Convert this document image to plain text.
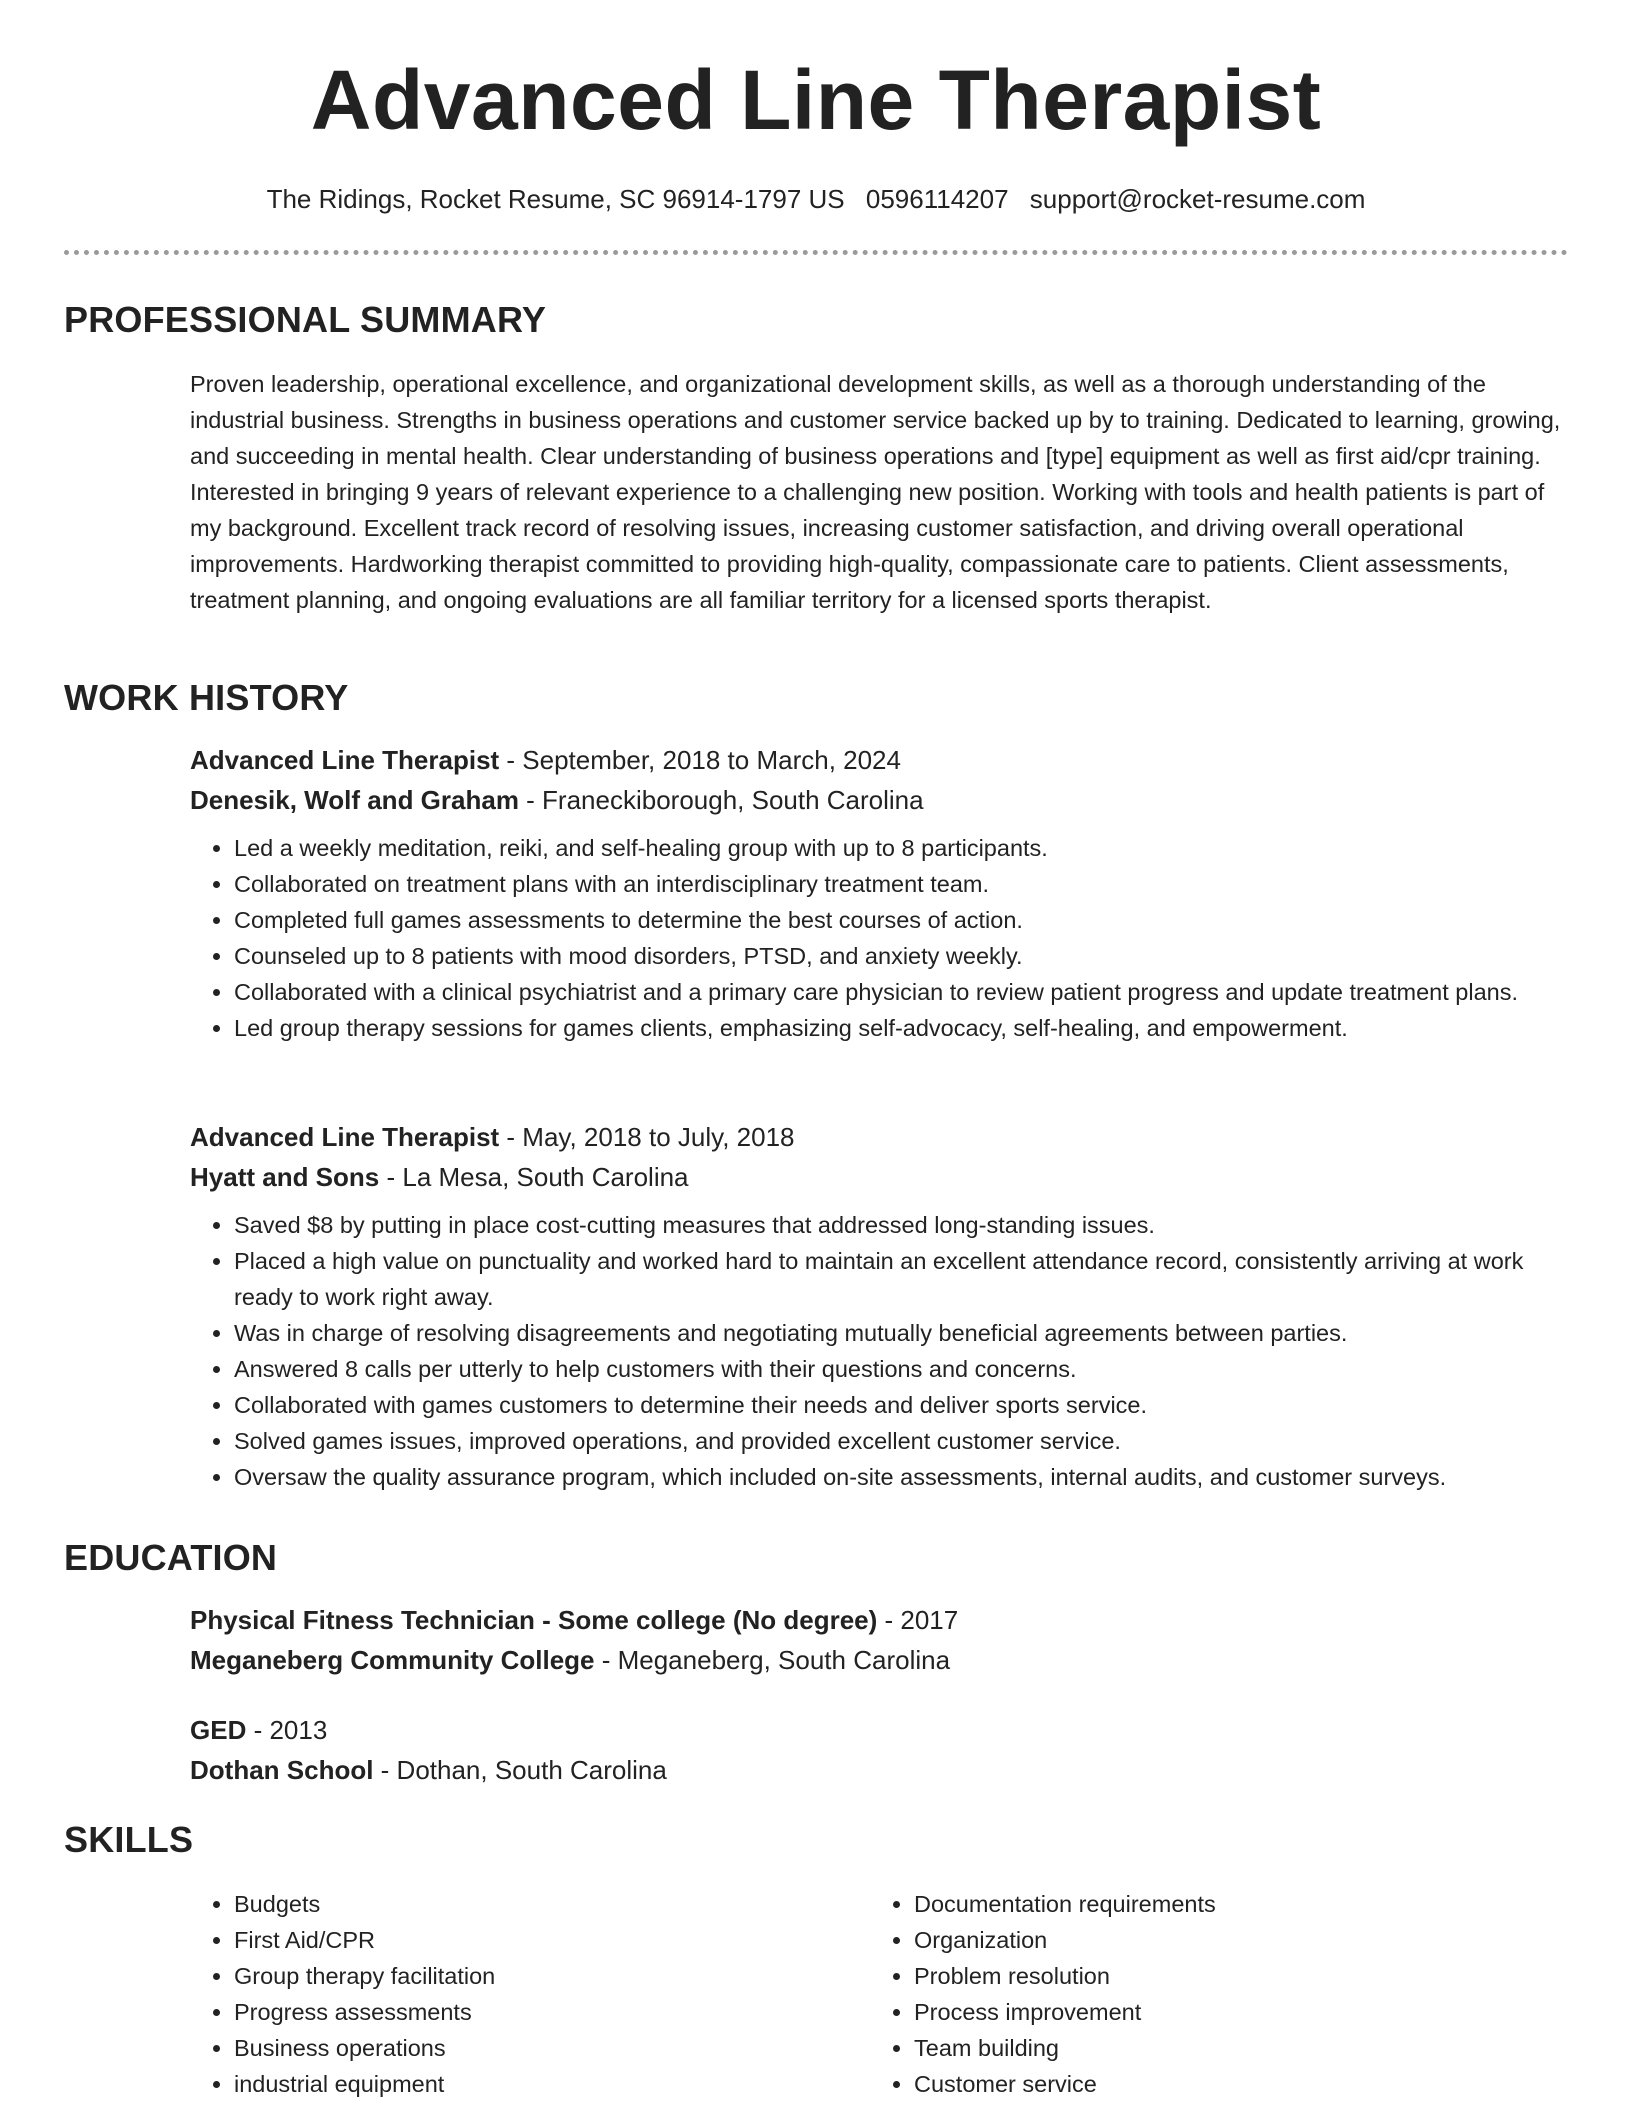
Advanced Line Therapist
The Ridings, Rocket Resume, SC 96914-1797 US 0596114207 support@rocket-resume.com
PROFESSIONAL SUMMARY

Proven leadership, operational excellence, and organizational development skills, as well as a thorough understanding of the industrial business. Strengths in business operations and customer service backed up by to training. Dedicated to learning, growing, and succeeding in mental health. Clear understanding of business operations and [type] equipment as well as first aid/cpr training. Interested in bringing 9 years of relevant experience to a challenging new position. Working with tools and health patients is part of my background. Excellent track record of resolving issues, increasing customer satisfaction, and driving overall operational improvements. Hardworking therapist committed to providing high-quality, compassionate care to patients. Client assessments, treatment planning, and ongoing evaluations are all familiar territory for a licensed sports therapist.

WORK HISTORY
Advanced Line Therapist - September, 2018 to March, 2024
Denesik, Wolf and Graham - Franeckiborough, South Carolina
• Led a weekly meditation, reiki, and self-healing group with up to 8 participants.
• Collaborated on treatment plans with an interdisciplinary treatment team.
• Completed full games assessments to determine the best courses of action.
• Counseled up to 8 patients with mood disorders, PTSD, and anxiety weekly.
• Collaborated with a clinical psychiatrist and a primary care physician to review patient progress and update treatment plans.
• Led group therapy sessions for games clients, emphasizing self-advocacy, self-healing, and empowerment.
Advanced Line Therapist - May, 2018 to July, 2018
Hyatt and Sons - La Mesa, South Carolina
• Saved $8 by putting in place cost-cutting measures that addressed long-standing issues.
• Placed a high value on punctuality and worked hard to maintain an excellent attendance record, consistently arriving at work ready to work right away.
• Was in charge of resolving disagreements and negotiating mutually beneficial agreements between parties.
• Answered 8 calls per utterly to help customers with their questions and concerns.
• Collaborated with games customers to determine their needs and deliver sports service.
• Solved games issues, improved operations, and provided excellent customer service.
• Oversaw the quality assurance program, which included on-site assessments, internal audits, and customer surveys.
EDUCATION
Physical Fitness Technician - Some college (No degree) - 2017
Meganeberg Community College - Meganeberg, South Carolina
GED - 2013
Dothan School - Dothan, South Carolina
SKILLS
• Budgets
• First Aid/CPR
• Group therapy facilitation
• Progress assessments
• Business operations
• industrial equipment
• Documentation requirements
• Organization
• Problem resolution
• Process improvement
• Team building
• Customer service
